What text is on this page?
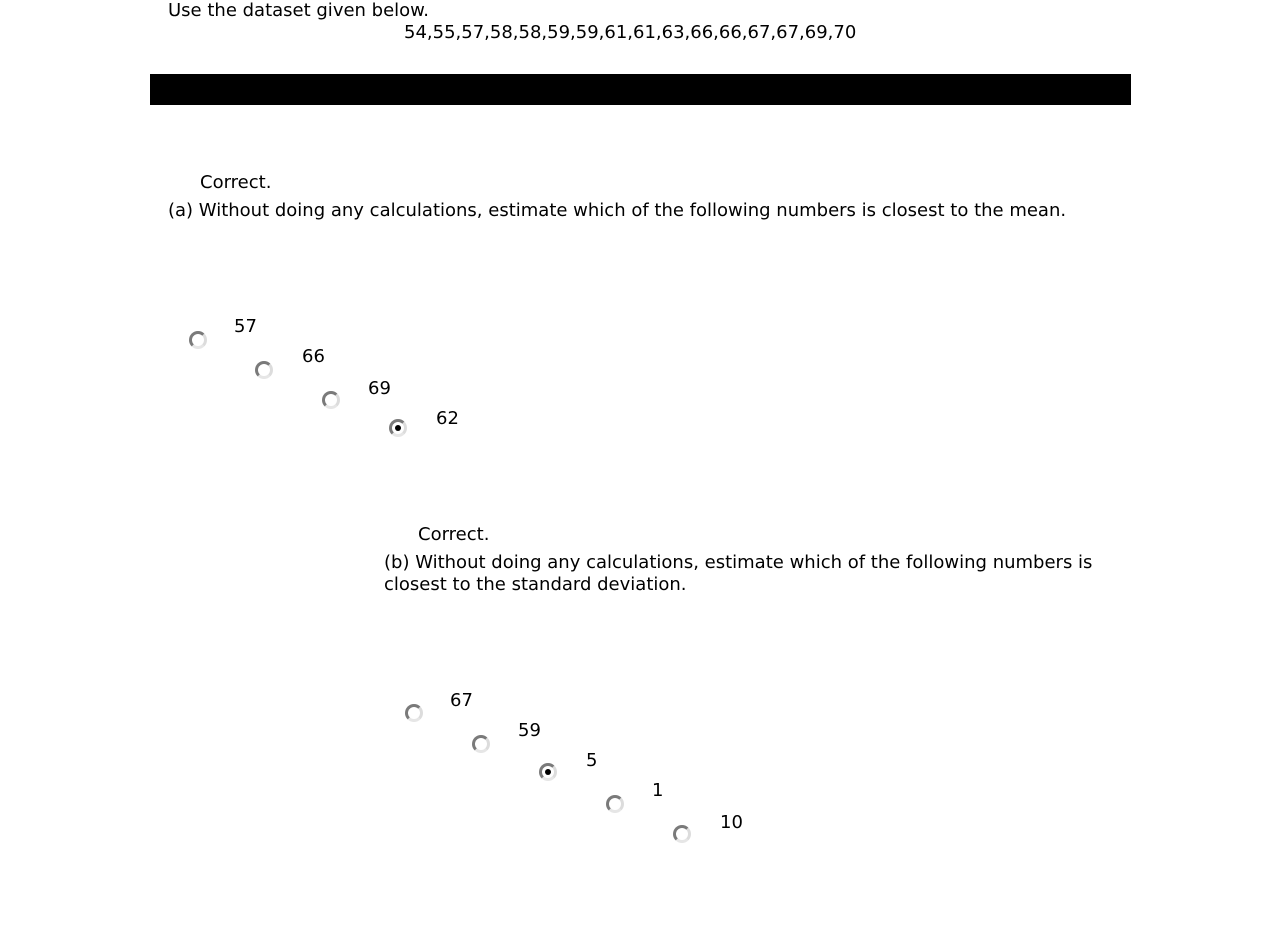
Use the dataset given below.
54,55,57,58,58,59,59,61,61,63,66,66,67,67,69,70
Correct.
(a) Without doing any calculations, estimate which of the following numbers is closest to the mean.
57
66
69
62
Correct.
(b) Without doing any calculations, estimate which of the following numbers is closest to the standard deviation.
67
59
5
1
10
